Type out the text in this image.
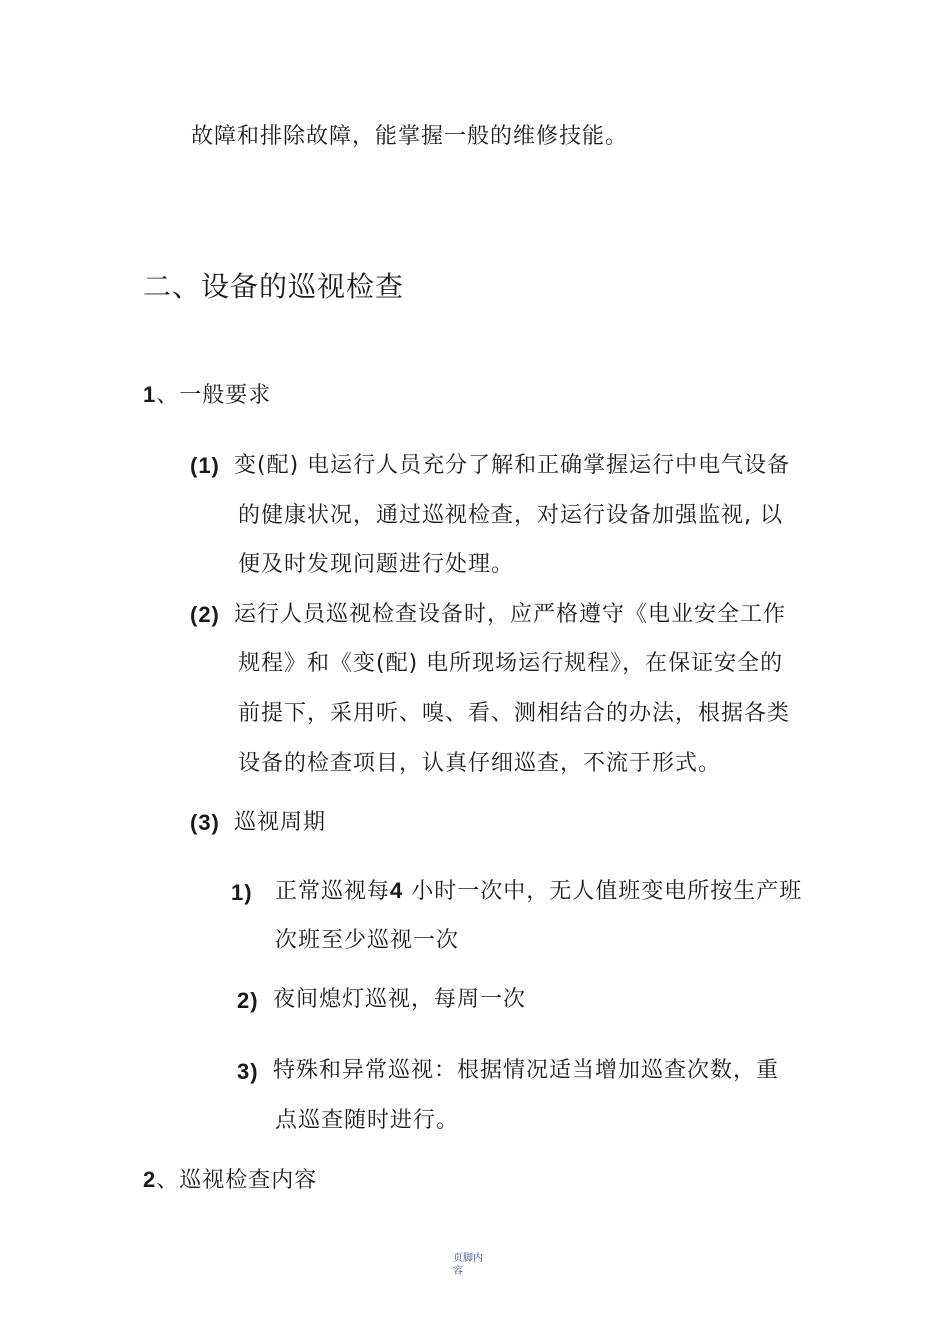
故障和排除故障，能掌握一般的维修技能。
二、设备的巡视检查
1、一般要求
(1) 变(配) 电运行人员充分了解和正确掌握运行中电气设备
的健康状况，通过巡视检查，对运行设备加强监视, 以
便及时发现问题进行处理。
(2) 运行人员巡视检查设备时，应严格遵守《电业安全工作
规程》和《变(配) 电所现场运行规程》，在保证安全的
前提下，采用听、嗅、看、测相结合的办法，根据各类
设备的检查项目，认真仔细巡查，不流于形式。
(3) 巡视周期
1) 正常巡视每4 小时一次中，无人值班变电所按生产班
次班至少巡视一次
2) 夜间熄灯巡视，每周一次
3) 特殊和异常巡视：根据情况适当增加巡查次数，重
点巡查随时进行。
2、巡视检查内容
页脚内
容
